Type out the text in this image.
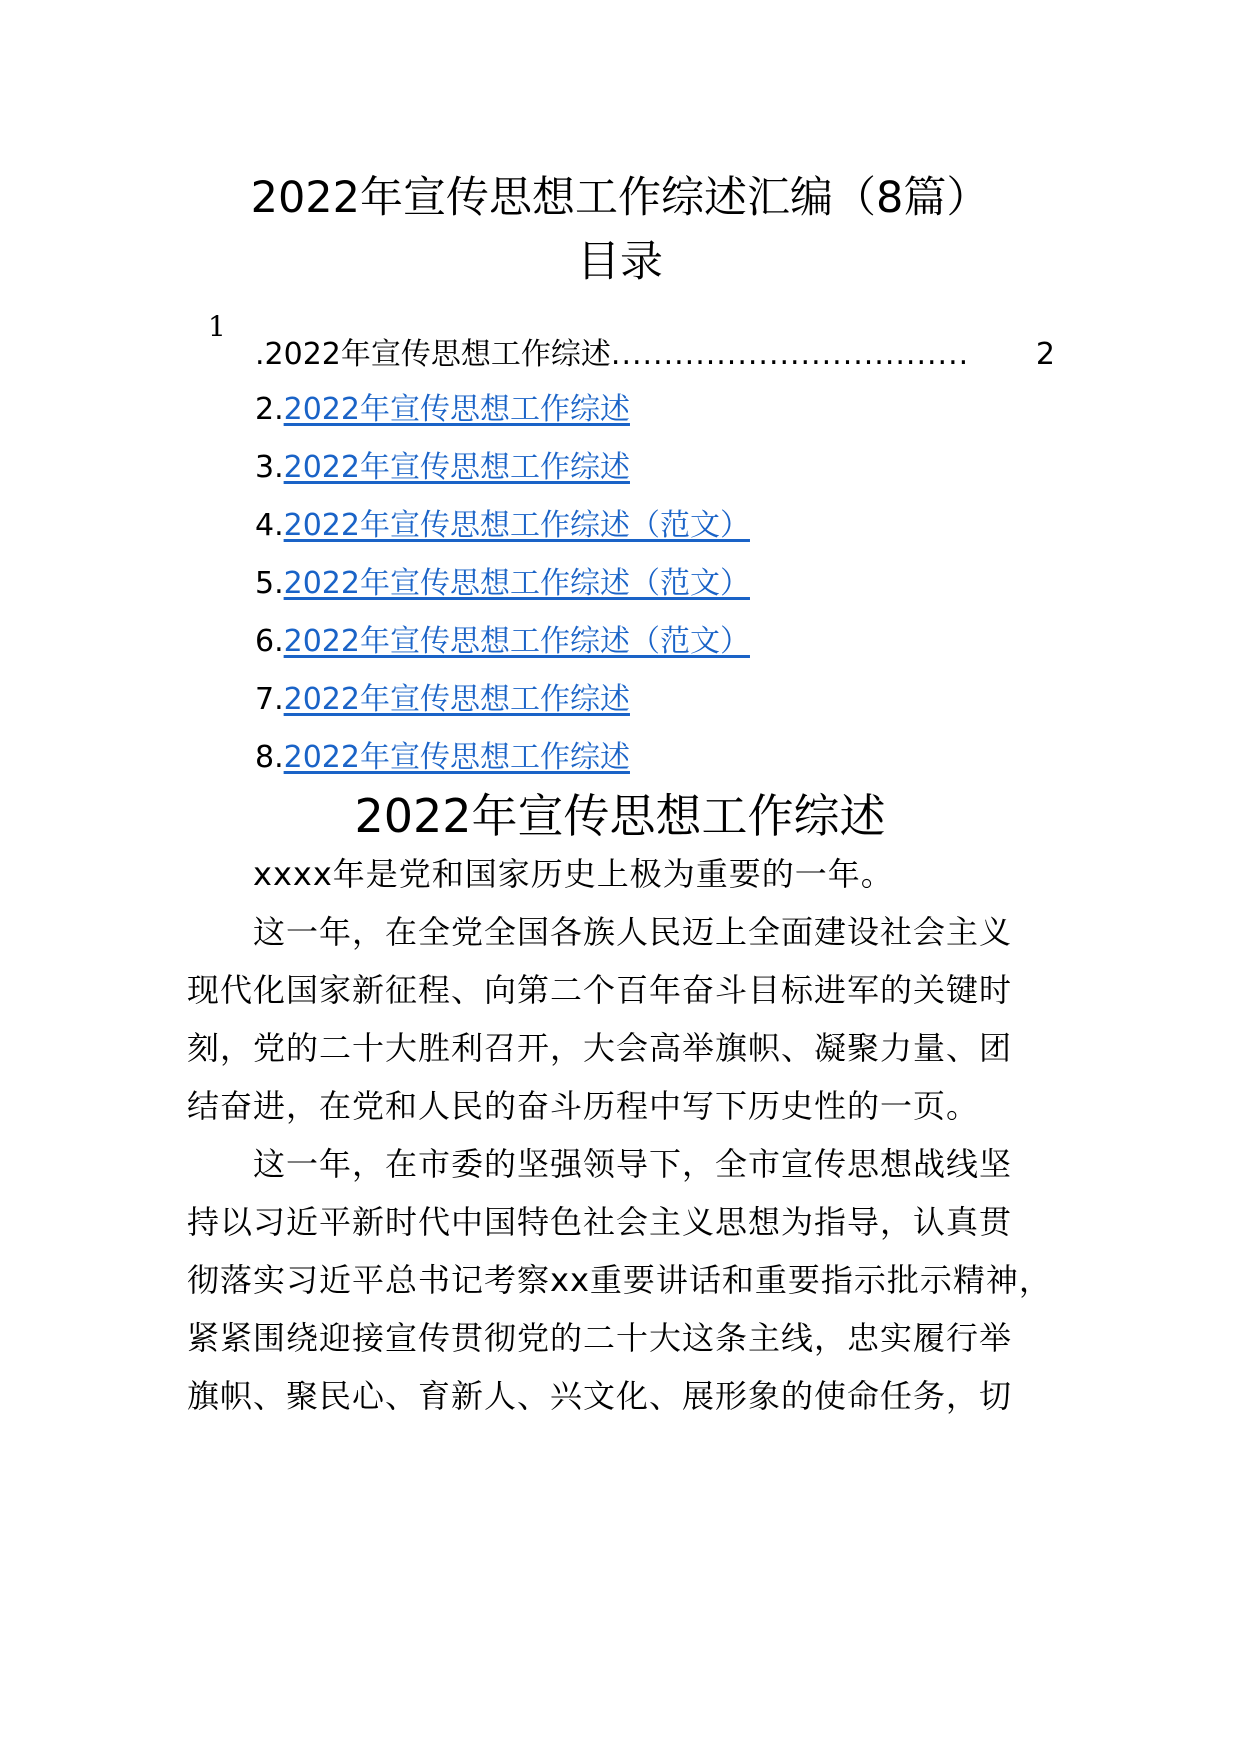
2022年宣传思想工作综述汇编（8篇）
目录
1
. 2022年宣传思想工作综述 ..................................	2
2.2022年宣传思想工作综述
3.2022年宣传思想工作综述
4.2022年宣传思想工作综述（范文）
5.2022年宣传思想工作综述（范文）
6.2022年宣传思想工作综述（范文）
7.2022年宣传思想工作综述
8.2022年宣传思想工作综述
2022年宣传思想工作综述
xxxx年是党和国家历史上极为重要的一年。
这一年，在全党全国各族人民迈上全面建设社会主义
现代化国家新征程、向第二个百年奋斗目标进军的关键时
刻，党的二十大胜利召开，大会高举旗帜、凝聚力量、团
结奋进，在党和人民的奋斗历程中写下历史性的一页。
这一年，在市委的坚强领导下，全市宣传思想战线坚
持以习近平新时代中国特色社会主义思想为指导，认真贯
彻落实习近平总书记考察xx重要讲话和重要指示批示精神，
紧紧围绕迎接宣传贯彻党的二十大这条主线，忠实履行举
旗帜、聚民心、育新人、兴文化、展形象的使命任务，切
